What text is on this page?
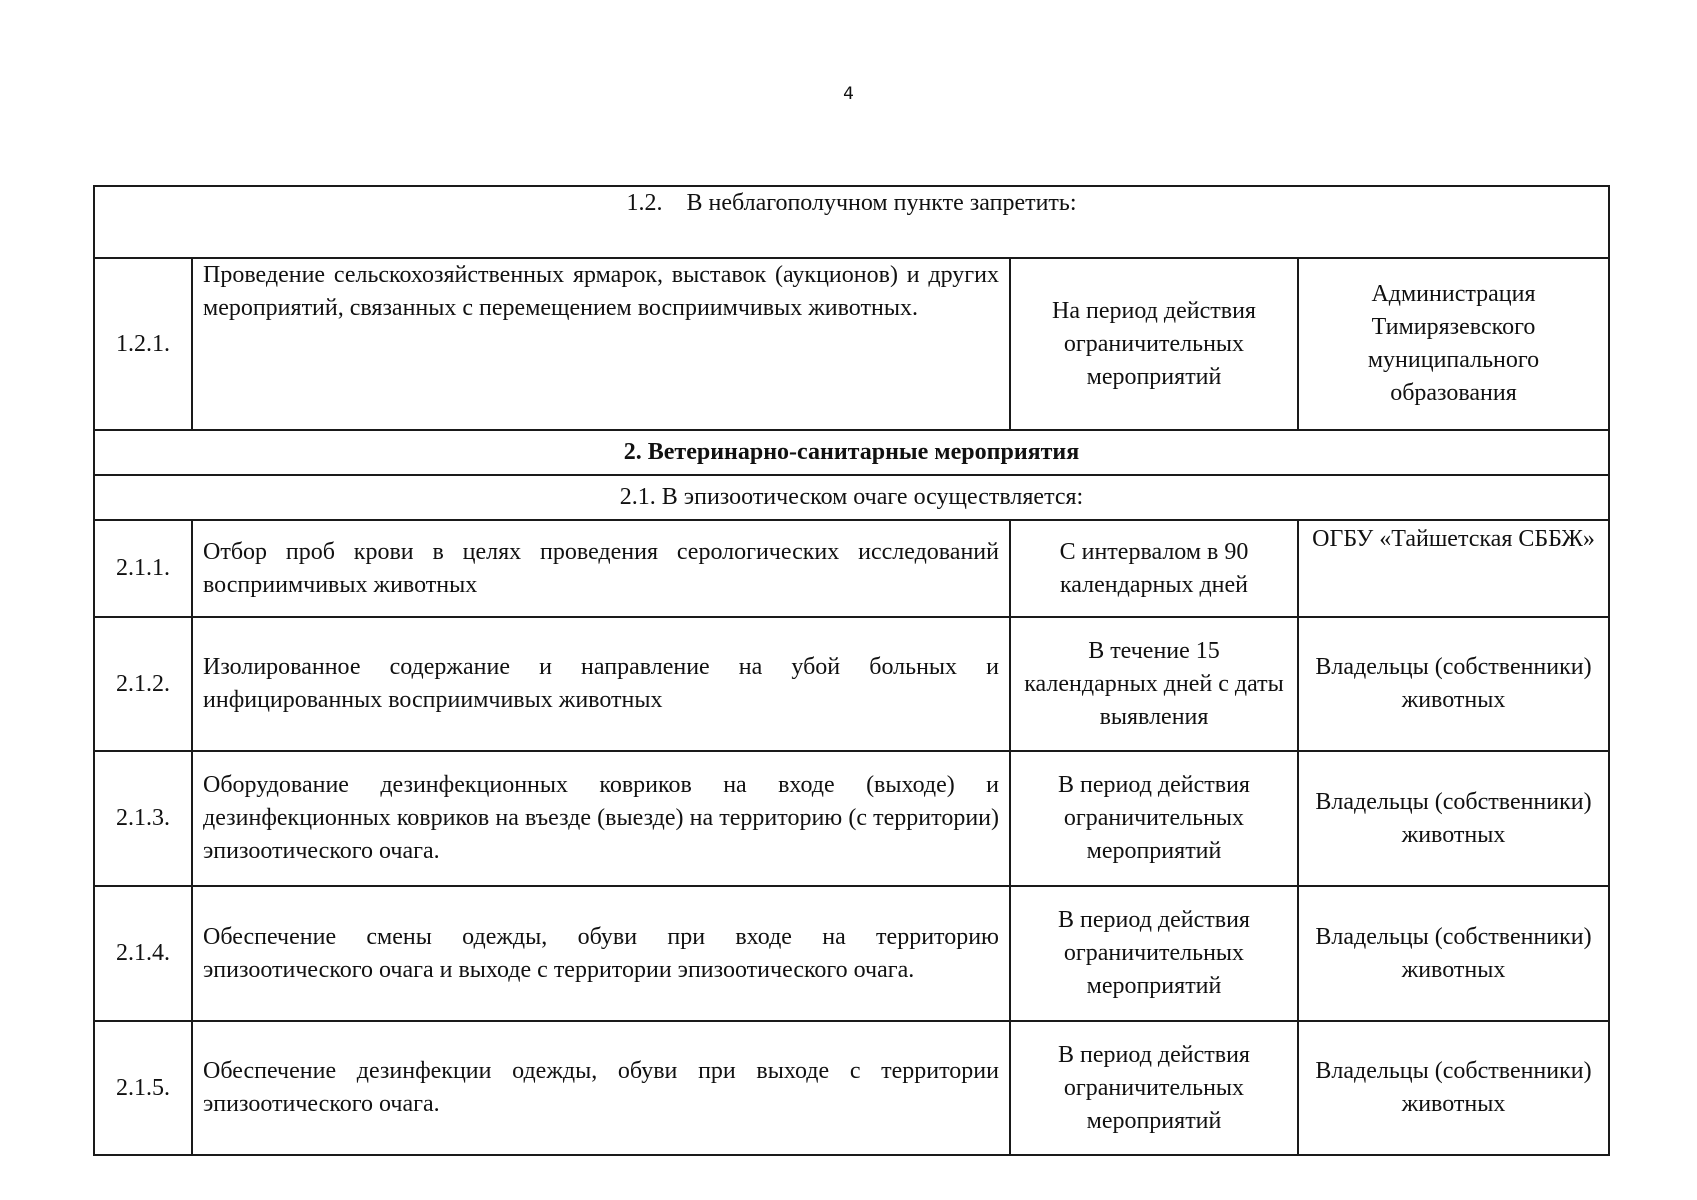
4
1.2. В неблагополучном пункте запретить:			
1.2.1.	Проведение сельскохозяйственных ярмарок, выставок (аукционов) и других мероприятий, связанных с перемещением восприимчивых животных.	На период действия ограничительных мероприятий	Администрация Тимирязевского муниципального образования
2. Ветеринарно-санитарные мероприятия			
2.1. В эпизоотическом очаге осуществляется:			
2.1.1.	Отбор проб крови в целях проведения серологических исследований восприимчивых животных	С интервалом в 90 календарных дней	ОГБУ «Тайшетская СББЖ»
2.1.2.	Изолированное содержание и направление на убой больных и инфицированных восприимчивых животных	В течение 15 календарных дней с даты выявления	Владельцы (собственники) животных
2.1.3.	Оборудование дезинфекционных ковриков на входе (выходе) и дезинфекционных ковриков на въезде (выезде) на территорию (с территории) эпизоотического очага.	В период действия ограничительных мероприятий	Владельцы (собственники) животных
2.1.4.	Обеспечение смены одежды, обуви при входе на территорию эпизоотического очага и выходе с территории эпизоотического очага.	В период действия ограничительных мероприятий	Владельцы (собственники) животных
2.1.5.	Обеспечение дезинфекции одежды, обуви при выходе с территории эпизоотического очага.	В период действия ограничительных мероприятий	Владельцы (собственники) животных
